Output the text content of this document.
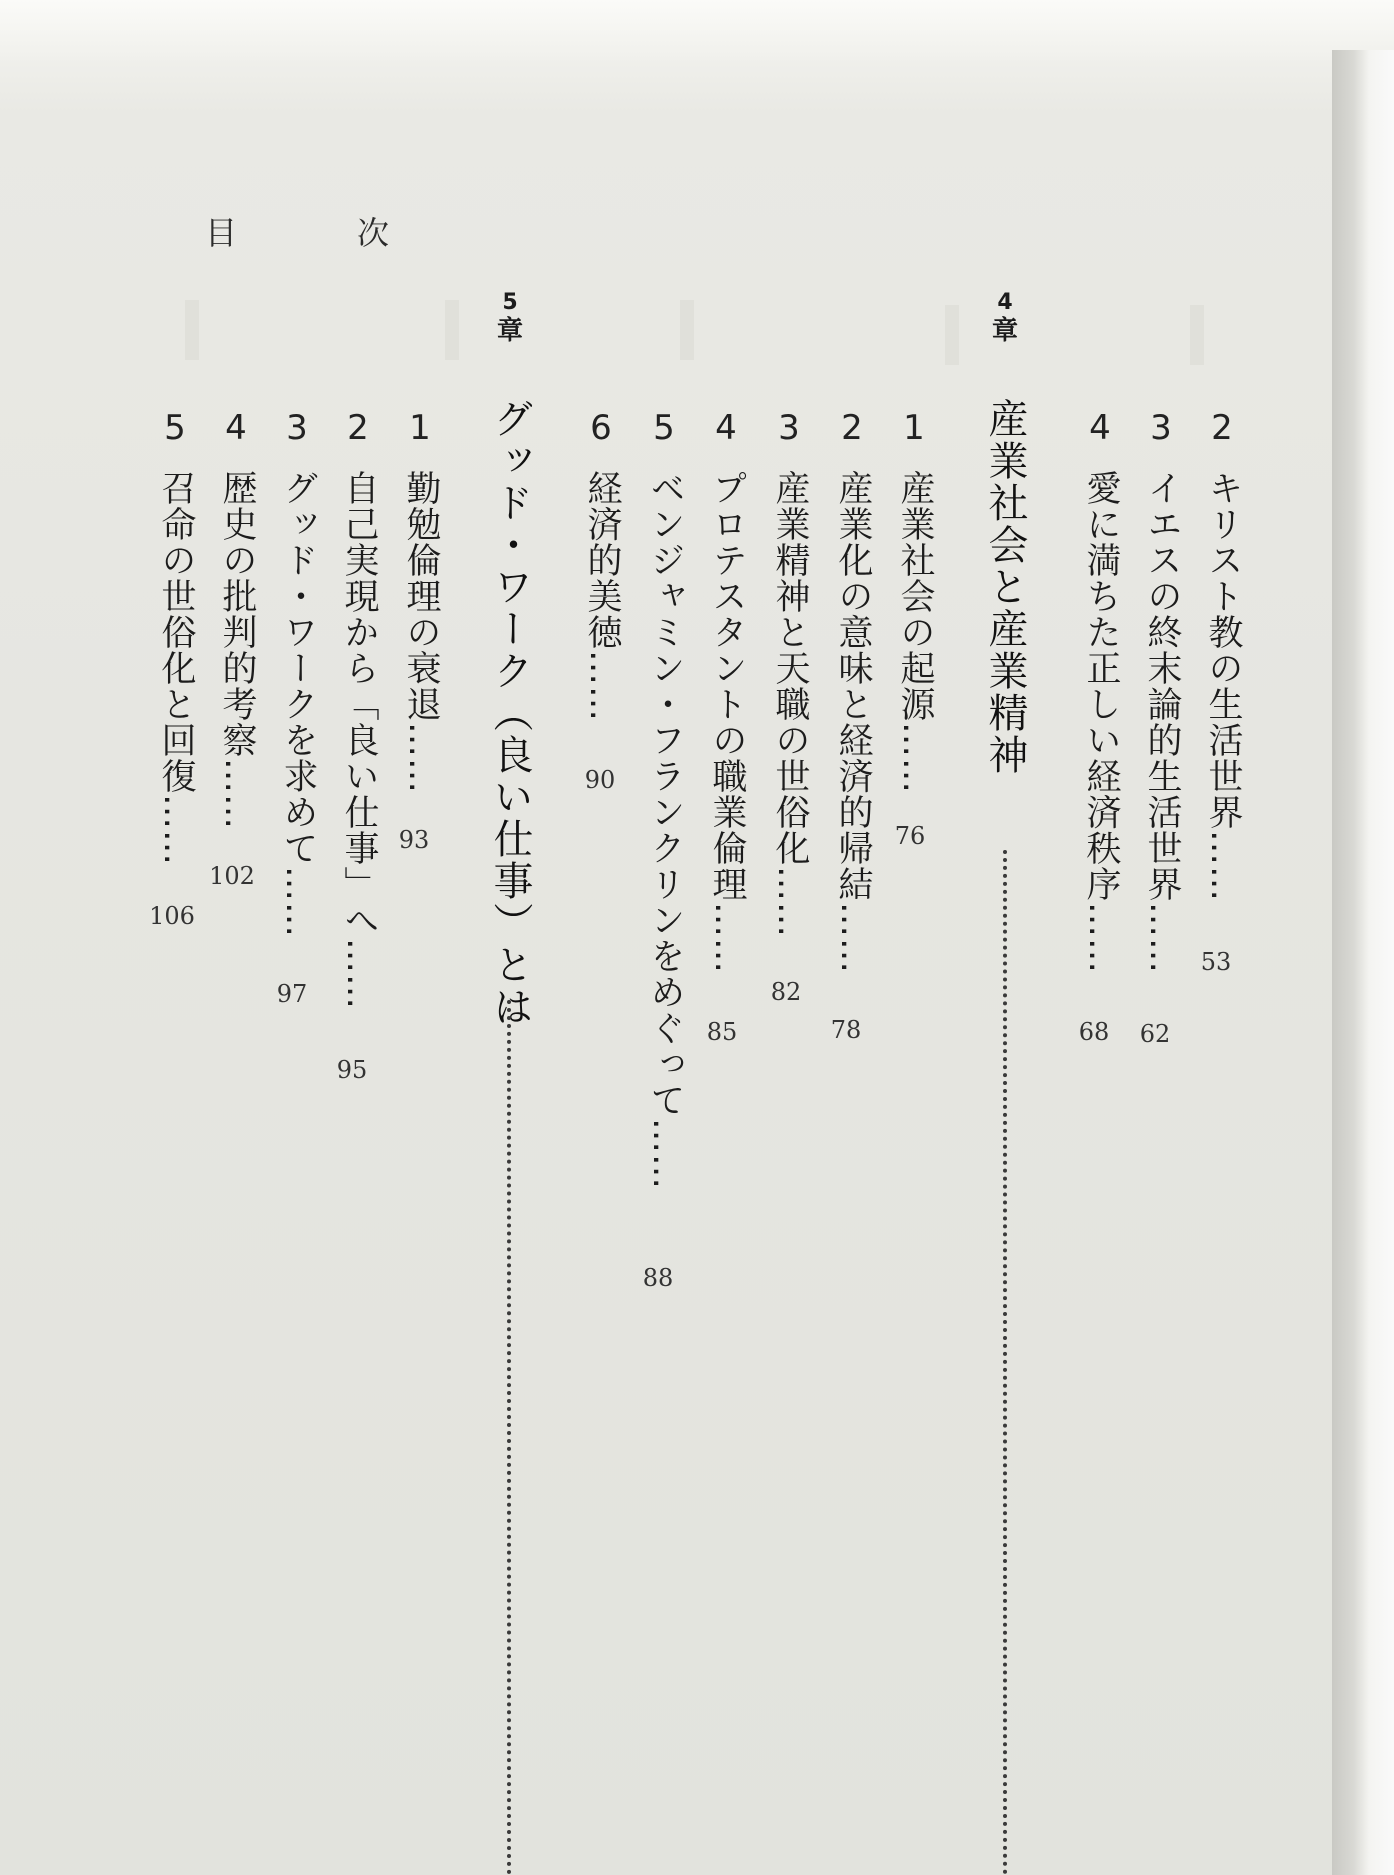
目　次
2
キリスト教の生活世界……
53
3
イエスの終末論的生活世界……
62
4
愛に満ちた正しい経済秩序……
68
4
章
産業社会と産業精神
1
産業社会の起源……
76
2
産業化の意味と経済的帰結……
78
3
産業精神と天職の世俗化……
82
4
プロテスタントの職業倫理……
85
5
ベンジャミン・フランクリンをめぐって……
88
6
経済的美徳……
90
5
章
グッド・ワーク（良い仕事）とは
1
勤勉倫理の衰退……
93
2
自己実現から「良い仕事」へ……
95
3
グッド・ワークを求めて……
97
4
歴史の批判的考察……
102
5
召命の世俗化と回復……
106
